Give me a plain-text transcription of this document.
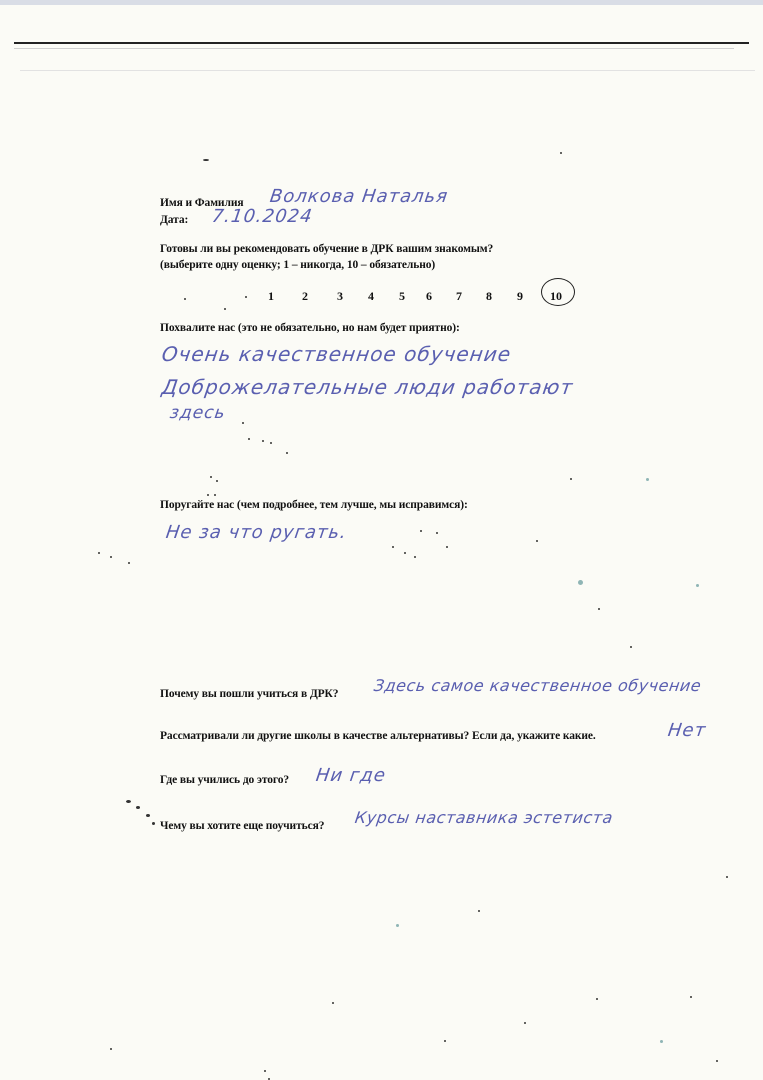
Имя и Фамилия Волкова Наталья
Дата: 7.10.2024
Готовы ли вы рекомендовать обучение в ДРК вашим знакомым?
(выберите одну оценку; 1 – никогда, 10 – обязательно)
1 2 3 4 5 6 7 8 9 10
Похвалите нас (это не обязательно, но нам будет приятно):
Очень качественное обучение
Доброжелательные люди работают
здесь
Поругайте нас (чем подробнее, тем лучше, мы исправимся):
Не за что ругать.
Почему вы пошли учиться в ДРК? Здесь самое качественное обучение
Рассматривали ли другие школы в качестве альтернативы? Если да, укажите какие.	Нет
Где вы учились до этого? Ни где
Чему вы хотите еще поучиться? Курсы наставника эстетиста
